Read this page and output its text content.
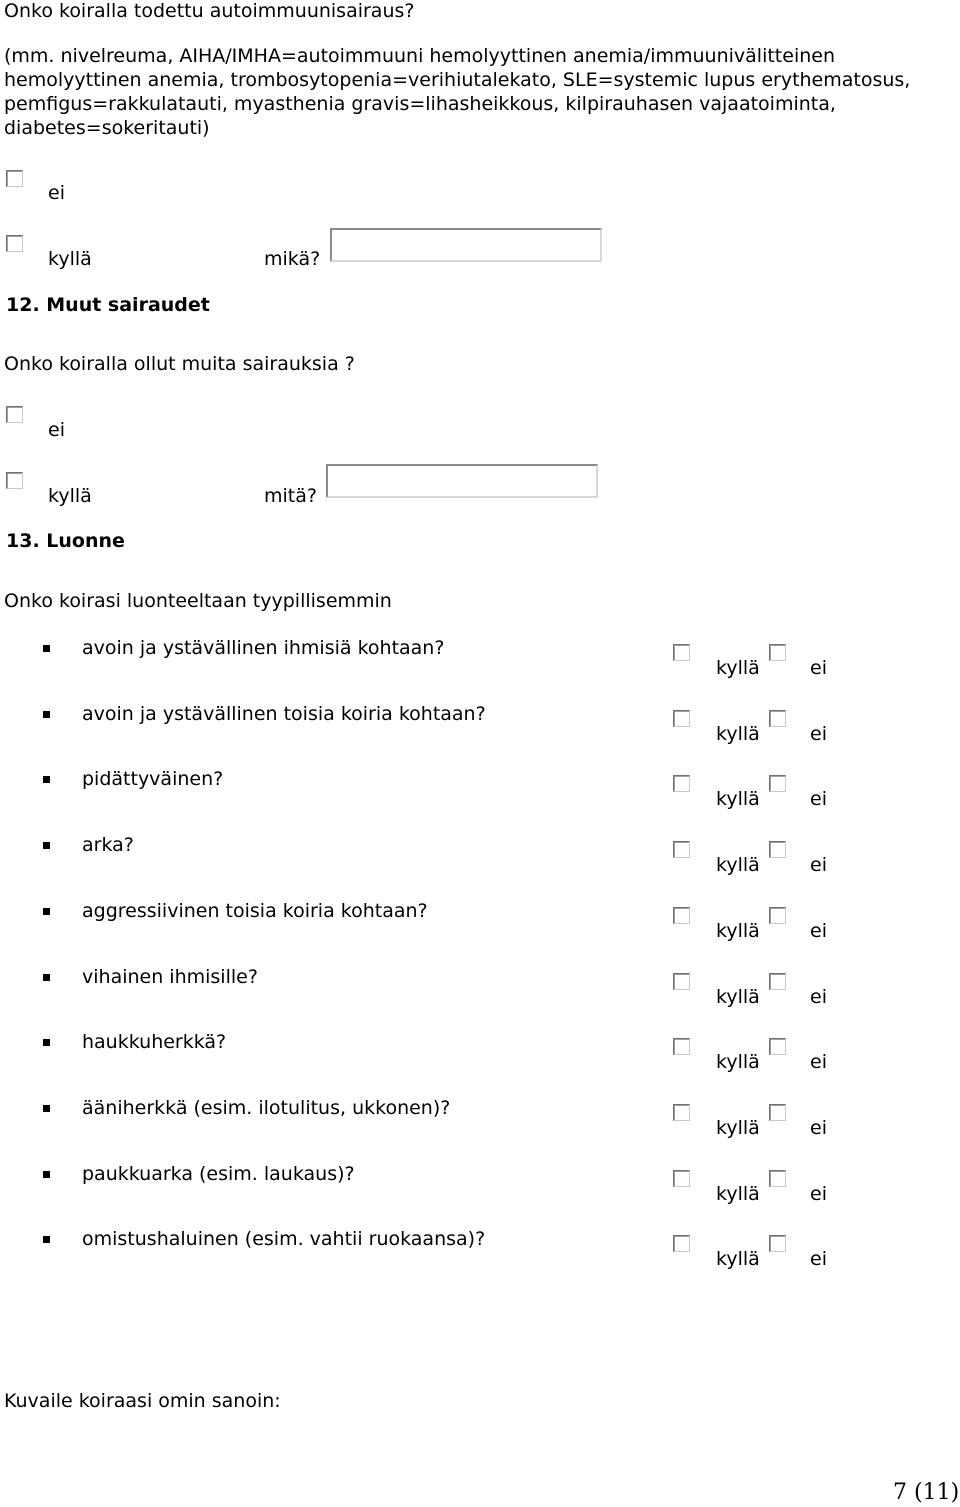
Onko koiralla todettu autoimmuunisairaus?
(mm. nivelreuma, AIHA/IMHA=autoimmuuni hemolyyttinen anemia/immuunivälitteinen hemolyyttinen anemia, trombosytopenia=verihiutalekato, SLE=systemic lupus erythematosus, pemfigus=rakkulatauti, myasthenia gravis=lihasheikkous, kilpirauhasen vajaatoiminta, diabetes=sokeritauti)
ei
kyllä	mikä?
12. Muut sairaudet
Onko koiralla ollut muita sairauksia ?
ei
kyllä	mitä?
13. Luonne
Onko koirasi luonteeltaan tyypillisemmin
avoin ja ystävällinen ihmisiä kohtaan?
kyllä	ei
avoin ja ystävällinen toisia koiria kohtaan?
kyllä	ei
pidättyväinen?
kyllä	ei
arka?
kyllä	ei
aggressiivinen toisia koiria kohtaan?
kyllä	ei
vihainen ihmisille?
kyllä	ei
haukkuherkkä?
kyllä	ei
ääniherkkä (esim. ilotulitus, ukkonen)?
kyllä	ei
paukkuarka (esim. laukaus)?
kyllä	ei
omistushaluinen (esim. vahtii ruokaansa)?
kyllä	ei
Kuvaile koiraasi omin sanoin:
7 (11)
